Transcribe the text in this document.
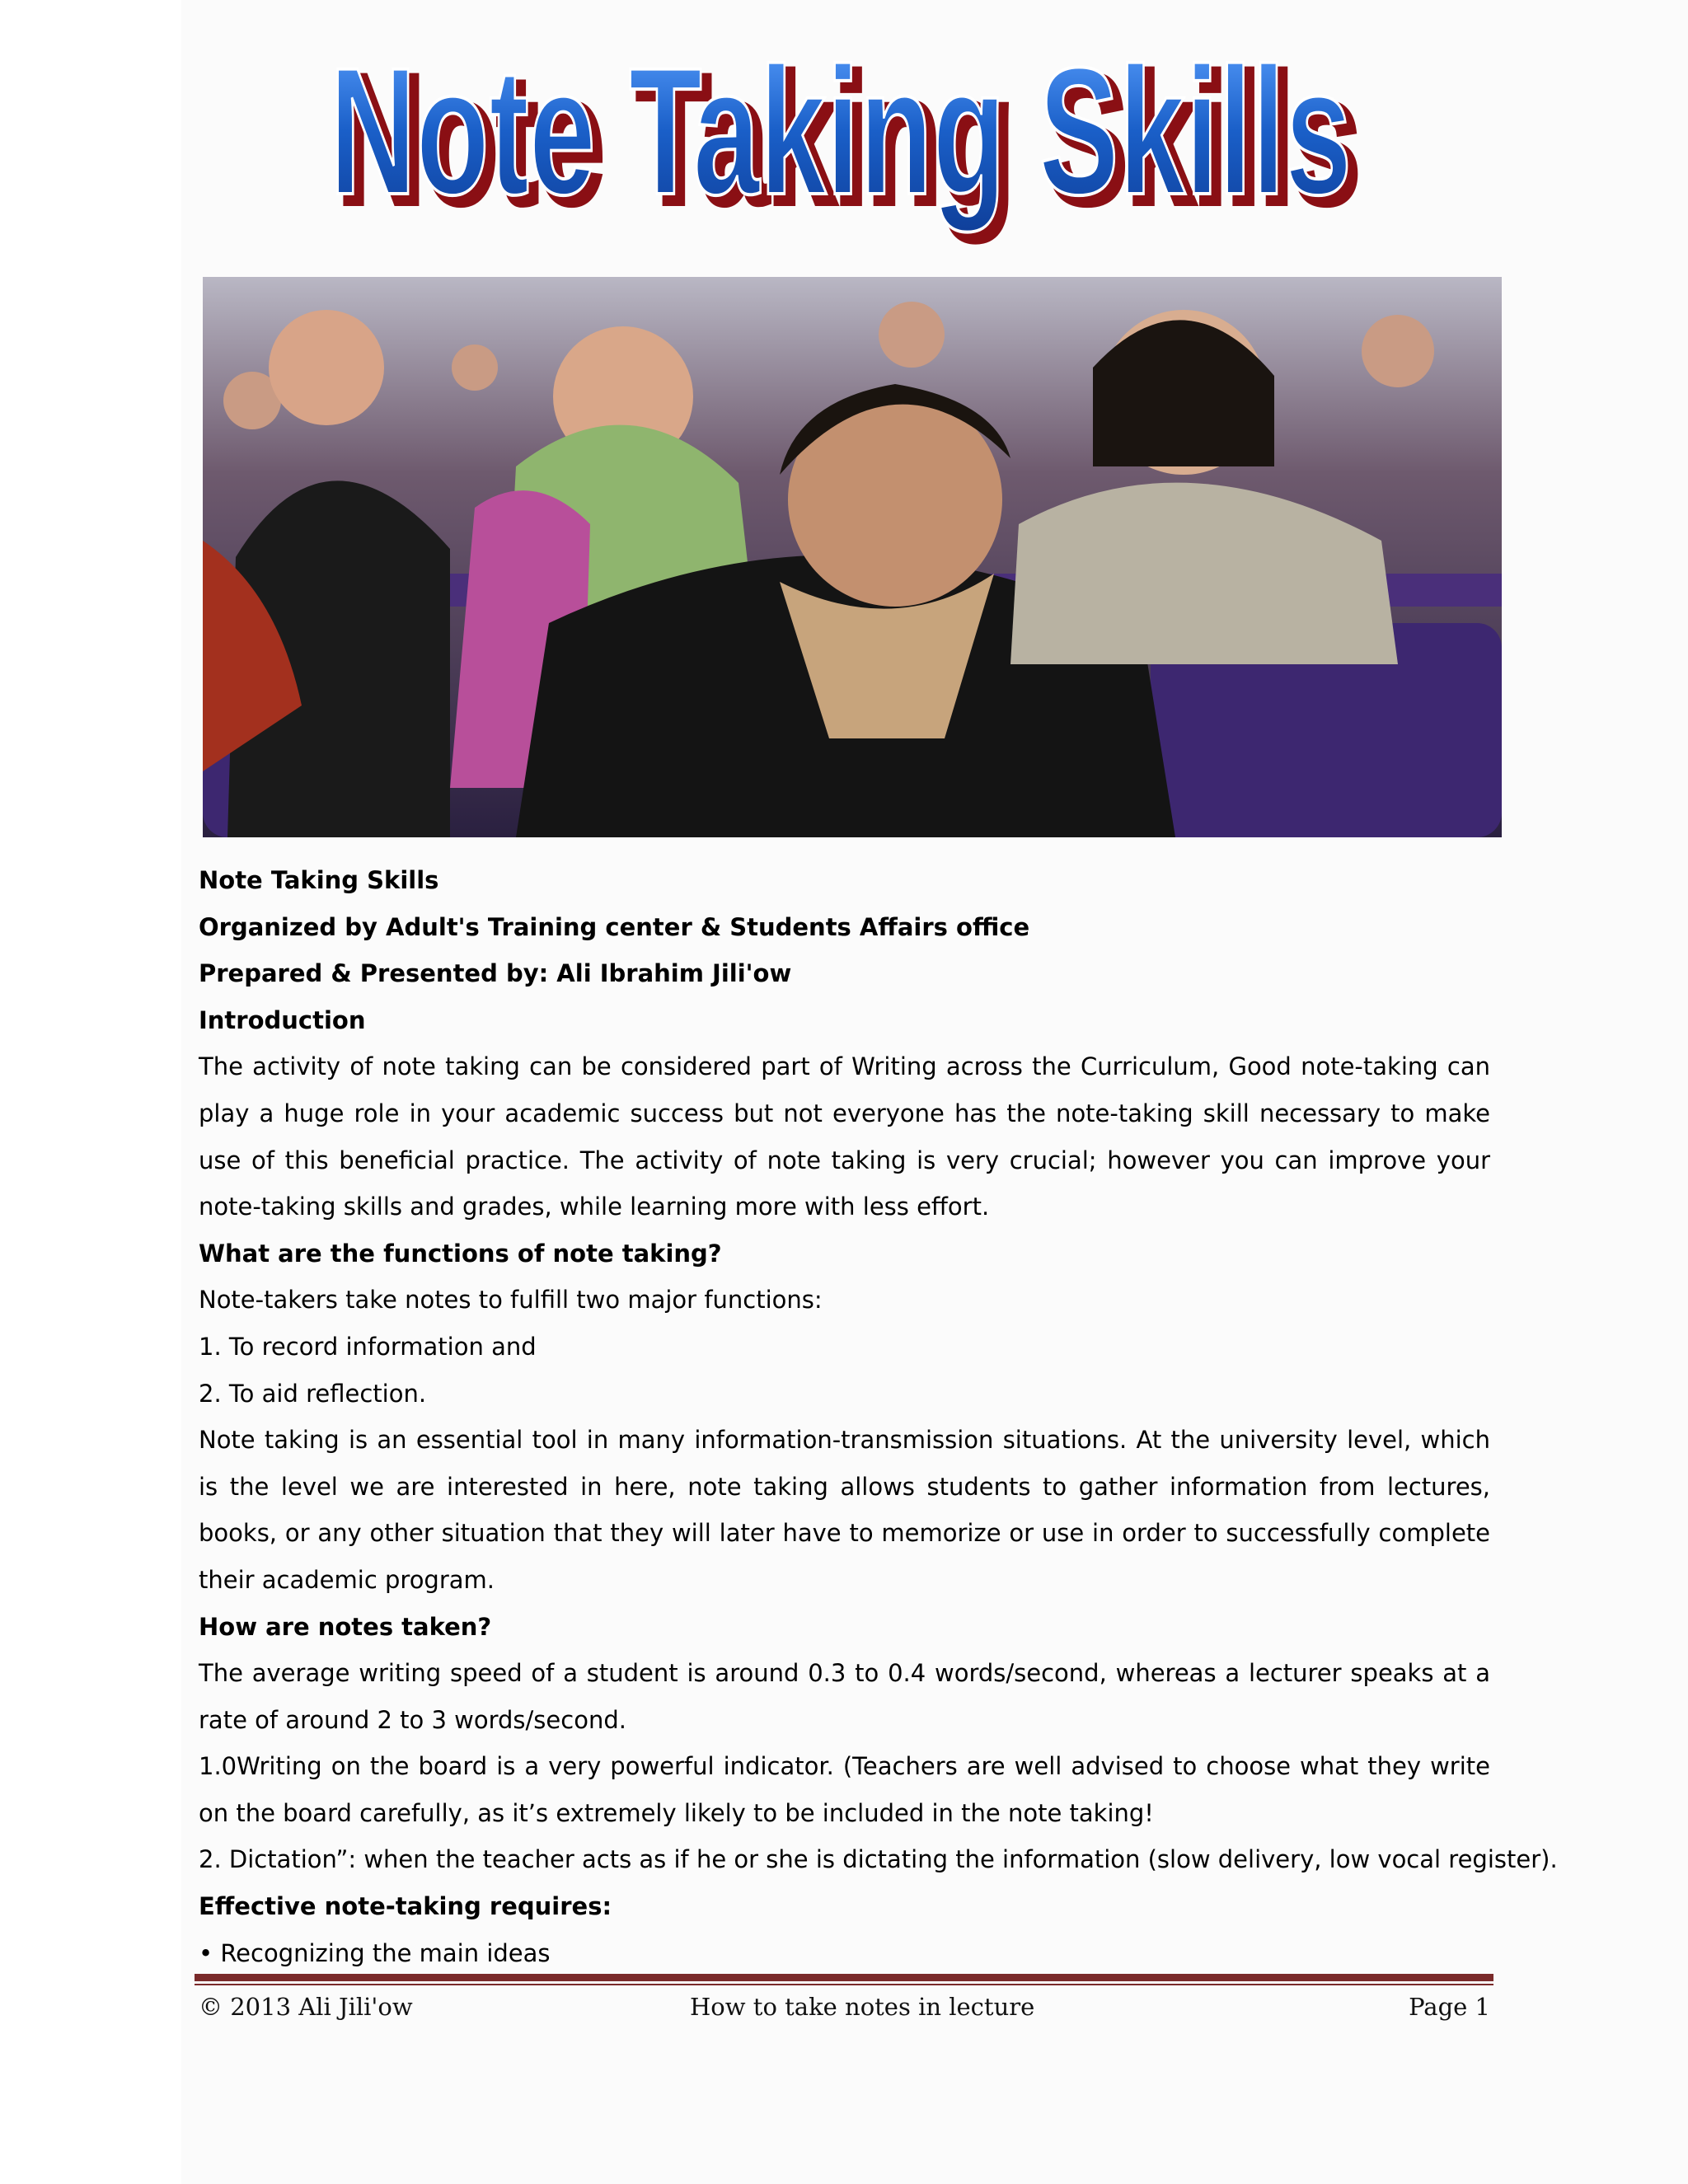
Note Taking Skills
Note Taking Skills
Note Taking Skills
Organized by Adult's Training center & Students Affairs office
Prepared & Presented by: Ali Ibrahim Jili'ow
Introduction
The activity of note taking can be considered part of Writing across the Curriculum, Good note-taking can play a huge role in your academic success but not everyone has the note-taking skill necessary to make use of this beneficial practice. The activity of note taking is very crucial; however you can improve your note-taking skills and grades, while learning more with less effort.
What are the functions of note taking?
Note-takers take notes to fulfill two major functions:
1. To record information and
2. To aid reflection.
Note taking is an essential tool in many information-transmission situations. At the university level, which is the level we are interested in here, note taking allows students to gather information from lectures, books, or any other situation that they will later have to memorize or use in order to successfully complete their academic program.
How are notes taken?
The average writing speed of a student is around 0.3 to 0.4 words/second, whereas a lecturer speaks at a rate of around 2 to 3 words/second.
1.0Writing on the board is a very powerful indicator. (Teachers are well advised to choose what they write on the board carefully, as it’s extremely likely to be included in the note taking!
2. Dictation”: when the teacher acts as if he or she is dictating the information (slow delivery, low vocal register).
Effective note-taking requires:
• Recognizing the main ideas
© 2013 Ali Jili'ow	How to take notes in lecture	Page 1
